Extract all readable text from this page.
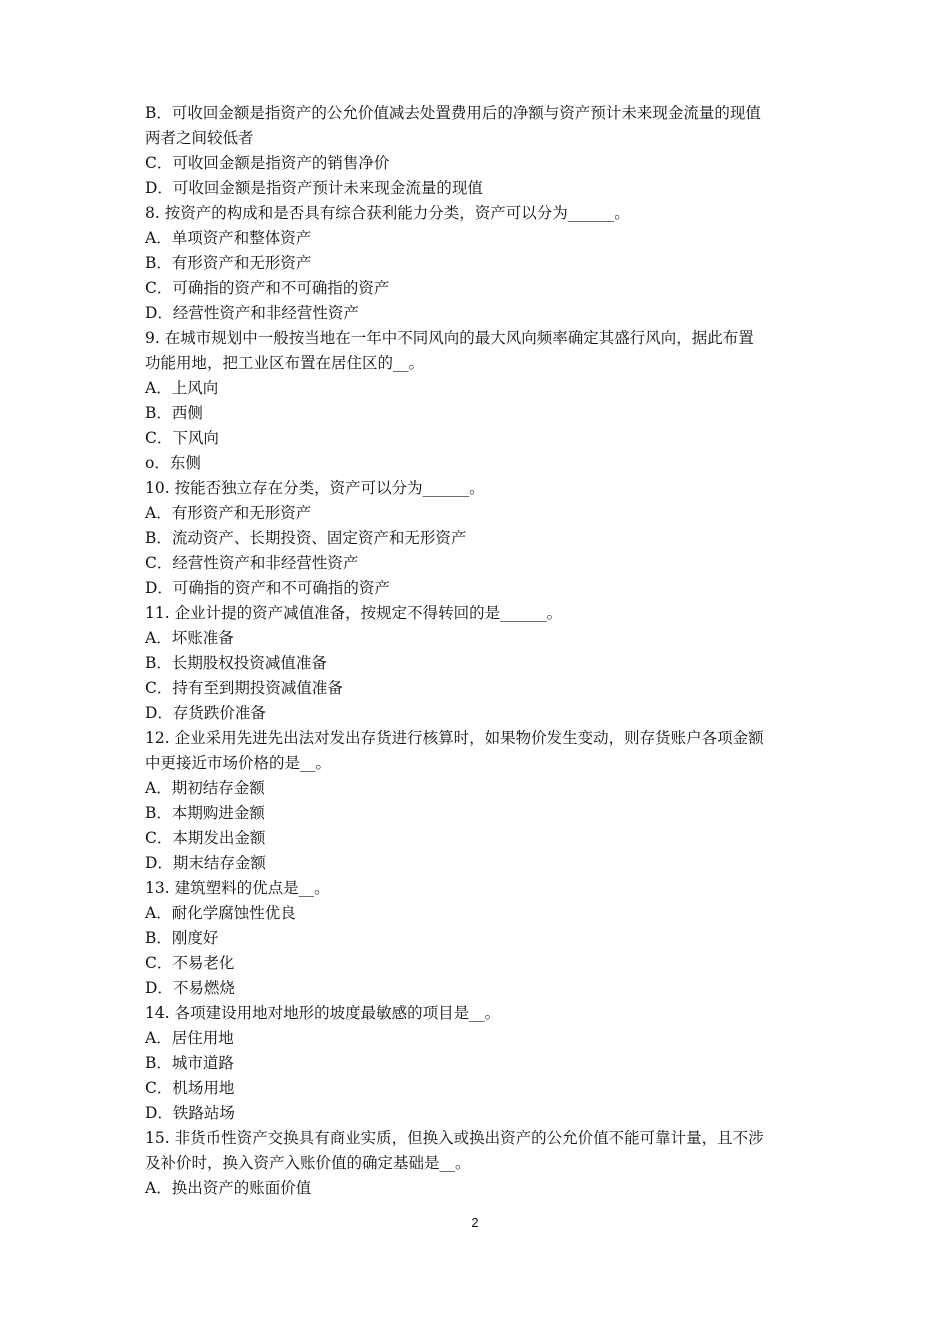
B．可收回金额是指资产的公允价值减去处置费用后的净额与资产预计未来现金流量的现值
两者之间较低者
C．可收回金额是指资产的销售净价
D．可收回金额是指资产预计未来现金流量的现值
8. 按资产的构成和是否具有综合获利能力分类，资产可以分为______。
A．单项资产和整体资产
B．有形资产和无形资产
C．可确指的资产和不可确指的资产
D．经营性资产和非经营性资产
9. 在城市规划中一般按当地在一年中不同风向的最大风向频率确定其盛行风向，据此布置
功能用地，把工业区布置在居住区的__。
A．上风向
B．西侧
C．下风向
o．东侧
10. 按能否独立存在分类，资产可以分为______。
A．有形资产和无形资产
B．流动资产、长期投资、固定资产和无形资产
C．经营性资产和非经营性资产
D．可确指的资产和不可确指的资产
11. 企业计提的资产减值准备，按规定不得转回的是______。
A．坏账准备
B．长期股权投资减值准备
C．持有至到期投资减值准备
D．存货跌价准备
12. 企业采用先进先出法对发出存货进行核算时，如果物价发生变动，则存货账户各项金额
中更接近市场价格的是__。
A．期初结存金额
B．本期购进金额
C．本期发出金额
D．期末结存金额
13. 建筑塑料的优点是__。
A．耐化学腐蚀性优良
B．刚度好
C．不易老化
D．不易燃烧
14. 各项建设用地对地形的坡度最敏感的项目是__。
A．居住用地
B．城市道路
C．机场用地
D．铁路站场
15. 非货币性资产交换具有商业实质，但换入或换出资产的公允价值不能可靠计量，且不涉
及补价时，换入资产入账价值的确定基础是__。
A．换出资产的账面价值
2
